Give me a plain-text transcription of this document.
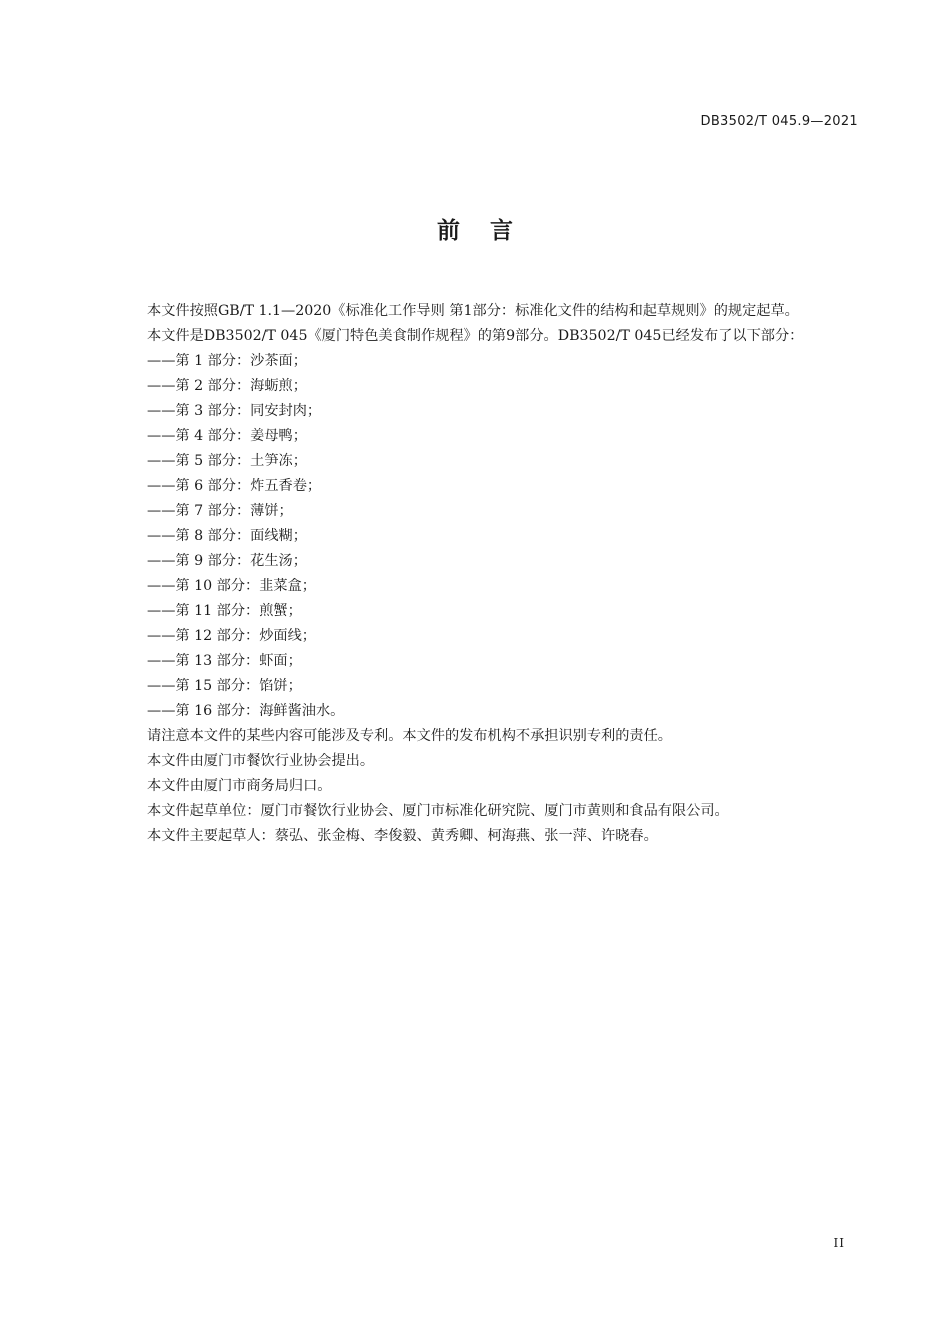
DB3502/T 045.9—2021
前言

本文件按照GB/T 1.1—2020《标准化工作导则 第1部分：标准化文件的结构和起草规则》的规定起草。

本文件是DB3502/T 045《厦门特色美食制作规程》的第9部分。DB3502/T 045已经发布了以下部分：

——第 1 部分：沙茶面；

——第 2 部分：海蛎煎；

——第 3 部分：同安封肉；

——第 4 部分：姜母鸭；

——第 5 部分：土笋冻；

——第 6 部分：炸五香卷；

——第 7 部分：薄饼；

——第 8 部分：面线糊；

——第 9 部分：花生汤；

——第 10 部分：韭菜盒；

——第 11 部分：煎蟹；

——第 12 部分：炒面线；

——第 13 部分：虾面；

——第 15 部分：馅饼；

——第 16 部分：海鲜酱油水。

请注意本文件的某些内容可能涉及专利。本文件的发布机构不承担识别专利的责任。

本文件由厦门市餐饮行业协会提出。

本文件由厦门市商务局归口。

本文件起草单位：厦门市餐饮行业协会、厦门市标准化研究院、厦门市黄则和食品有限公司。

本文件主要起草人：蔡弘、张金梅、李俊毅、黄秀卿、柯海燕、张一萍、许晓春。

II
